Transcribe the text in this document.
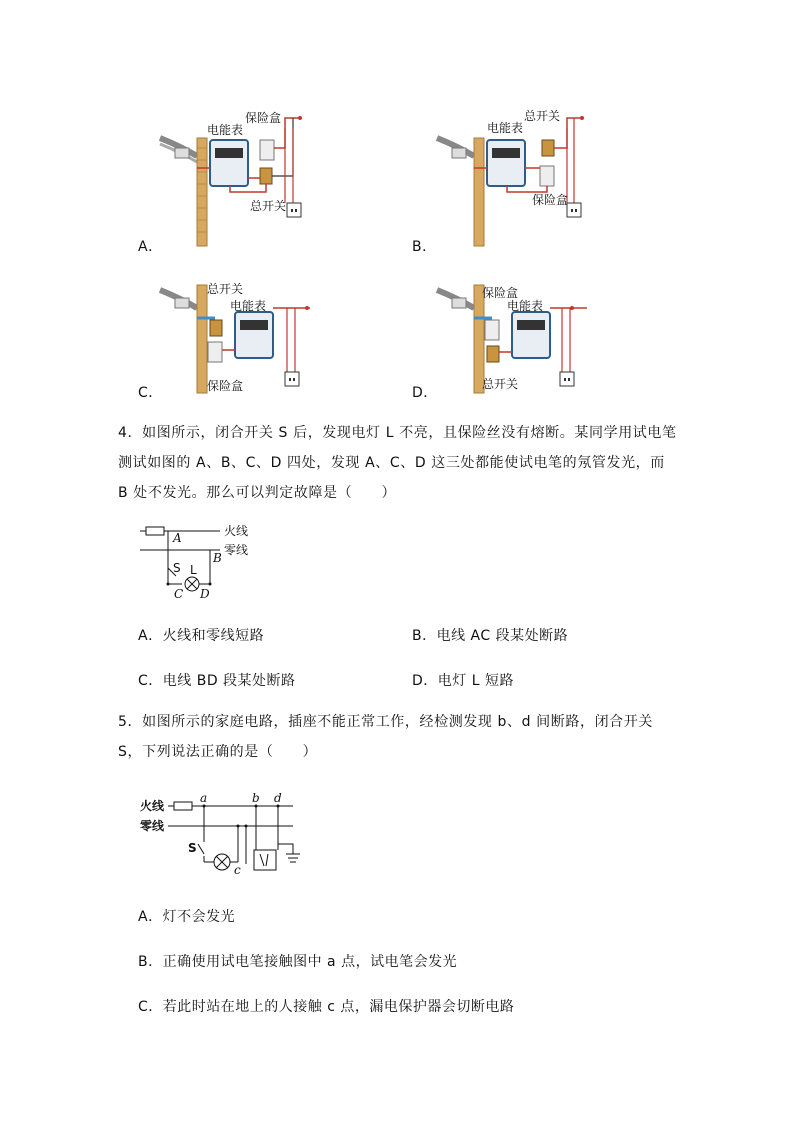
电能表
保险盒
总开关
A．
电能表
总开关
保险盒
B．
总开关
电能表
保险盒
C．
保险盒
电能表
总开关
D．
4．如图所示，闭合开关 S 后，发现电灯 L 不亮，且保险丝没有熔断。某同学用试电笔测试如图的 A、B、C、D 四处，发现 A、C、D 这三处都能使试电笔的氖管发光，而 B 处不发光。那么可以判定故障是（　　）
火线
零线
A
B
C D
S L
A．火线和零线短路	B．电线 AC 段某处断路
C．电线 BD 段某处断路	D．电灯 L 短路
5．如图所示的家庭电路，插座不能正常工作，经检测发现 b、d 间断路，闭合开关 S，下列说法正确的是（　　）
火线
零线
a	b d
c
S
A．灯不会发光
B．正确使用试电笔接触图中 a 点，试电笔会发光
C．若此时站在地上的人接触 c 点，漏电保护器会切断电路
